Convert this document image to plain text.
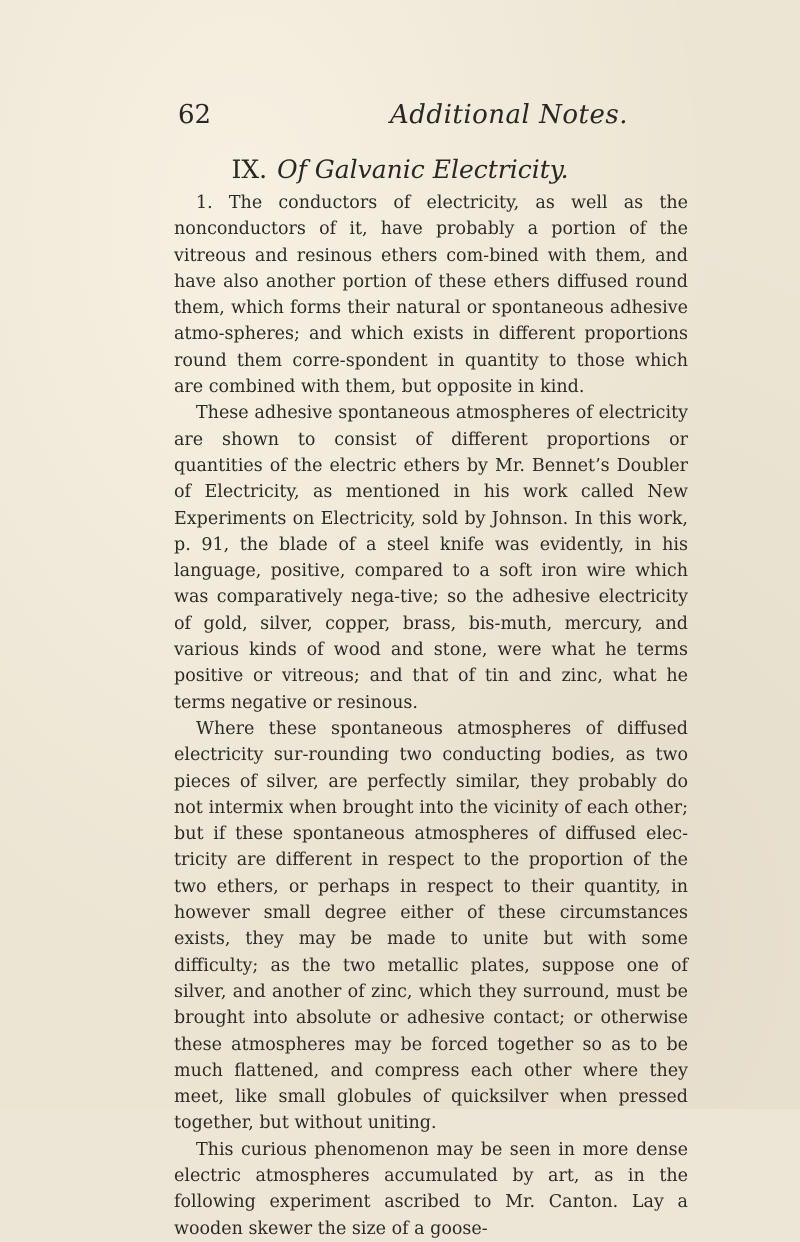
62	Additional Notes.
IX. Of Galvanic Electricity.

1. The conductors of electricity, as well as the nonconductors of it, have probably a portion of the vitreous and resinous ethers com-bined with them, and have also another portion of these ethers diffused round them, which forms their natural or spontaneous adhesive atmo-spheres; and which exists in different proportions round them corre-spondent in quantity to those which are combined with them, but opposite in kind.

These adhesive spontaneous atmospheres of electricity are shown to consist of different proportions or quantities of the electric ethers by Mr. Bennet’s Doubler of Electricity, as mentioned in his work called New Experiments on Electricity, sold by Johnson. In this work, p. 91, the blade of a steel knife was evidently, in his language, positive, compared to a soft iron wire which was comparatively nega-tive; so the adhesive electricity of gold, silver, copper, brass, bis-muth, mercury, and various kinds of wood and stone, were what he terms positive or vitreous; and that of tin and zinc, what he terms negative or resinous.

Where these spontaneous atmospheres of diffused electricity sur-rounding two conducting bodies, as two pieces of silver, are perfectly similar, they probably do not intermix when brought into the vicinity of each other; but if these spontaneous atmospheres of diffused elec-tricity are different in respect to the proportion of the two ethers, or perhaps in respect to their quantity, in however small degree either of these circumstances exists, they may be made to unite but with some difficulty; as the two metallic plates, suppose one of silver, and another of zinc, which they surround, must be brought into absolute or adhesive contact; or otherwise these atmospheres may be forced together so as to be much flattened, and compress each other where they meet, like small globules of quicksilver when pressed together, but without uniting.

This curious phenomenon may be seen in more dense electric atmospheres accumulated by art, as in the following experiment ascribed to Mr. Canton. Lay a wooden skewer the size of a goose-
